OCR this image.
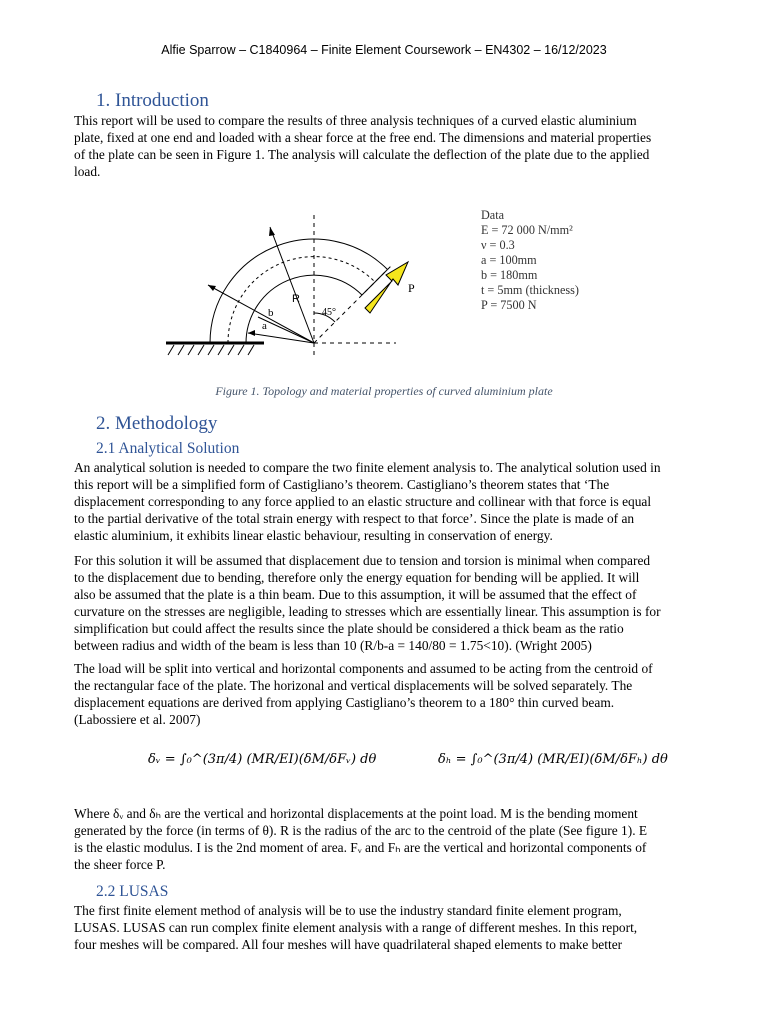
Alfie Sparrow – C1840964 – Finite Element Coursework – EN4302 – 16/12/2023
1. Introduction
This report will be used to compare the results of three analysis techniques of a curved elastic aluminium
plate, fixed at one end and loaded with a shear force at the free end. The dimensions and material properties
of the plate can be seen in Figure 1. The analysis will calculate the deflection of the plate due to the applied
load.
R
b
a
45°
P
Data
E = 72 000 N/mm²
ν = 0.3
a = 100mm
b = 180mm
t = 5mm (thickness)
P = 7500 N
Figure 1. Topology and material properties of curved aluminium plate
2. Methodology
2.1 Analytical Solution
An analytical solution is needed to compare the two finite element analysis to. The analytical solution used in
this report will be a simplified form of Castigliano’s theorem. Castigliano’s theorem states that ‘The
displacement corresponding to any force applied to an elastic structure and collinear with that force is equal
to the partial derivative of the total strain energy with respect to that force’. Since the plate is made of an
elastic aluminium, it exhibits linear elastic behaviour, resulting in conservation of energy.
For this solution it will be assumed that displacement due to tension and torsion is minimal when compared
to the displacement due to bending, therefore only the energy equation for bending will be applied. It will
also be assumed that the plate is a thin beam. Due to this assumption, it will be assumed that the effect of
curvature on the stresses are negligible, leading to stresses which are essentially linear. This assumption is for
simplification but could affect the results since the plate should be considered a thick beam as the ratio
between radius and width of the beam is less than 10 (R/b-a = 140/80 = 1.75<10). (Wright 2005)
The load will be split into vertical and horizontal components and assumed to be acting from the centroid of
the rectangular face of the plate. The horizonal and vertical displacements will be solved separately. The
displacement equations are derived from applying Castigliano’s theorem to a 180° thin curved beam.
(Labossiere et al. 2007)
δᵥ = ∫₀^(3π/4) (MR/EI)(δM/δFᵥ) dθ	δₕ = ∫₀^(3π/4) (MR/EI)(δM/δFₕ) dθ
Where δᵥ and δₕ are the vertical and horizontal displacements at the point load. M is the bending moment
generated by the force (in terms of θ). R is the radius of the arc to the centroid of the plate (See figure 1). E
is the elastic modulus. I is the 2nd moment of area. Fᵥ and Fₕ are the vertical and horizontal components of
the sheer force P.
2.2 LUSAS
The first finite element method of analysis will be to use the industry standard finite element program,
LUSAS. LUSAS can run complex finite element analysis with a range of different meshes. In this report,
four meshes will be compared. All four meshes will have quadrilateral shaped elements to make better
